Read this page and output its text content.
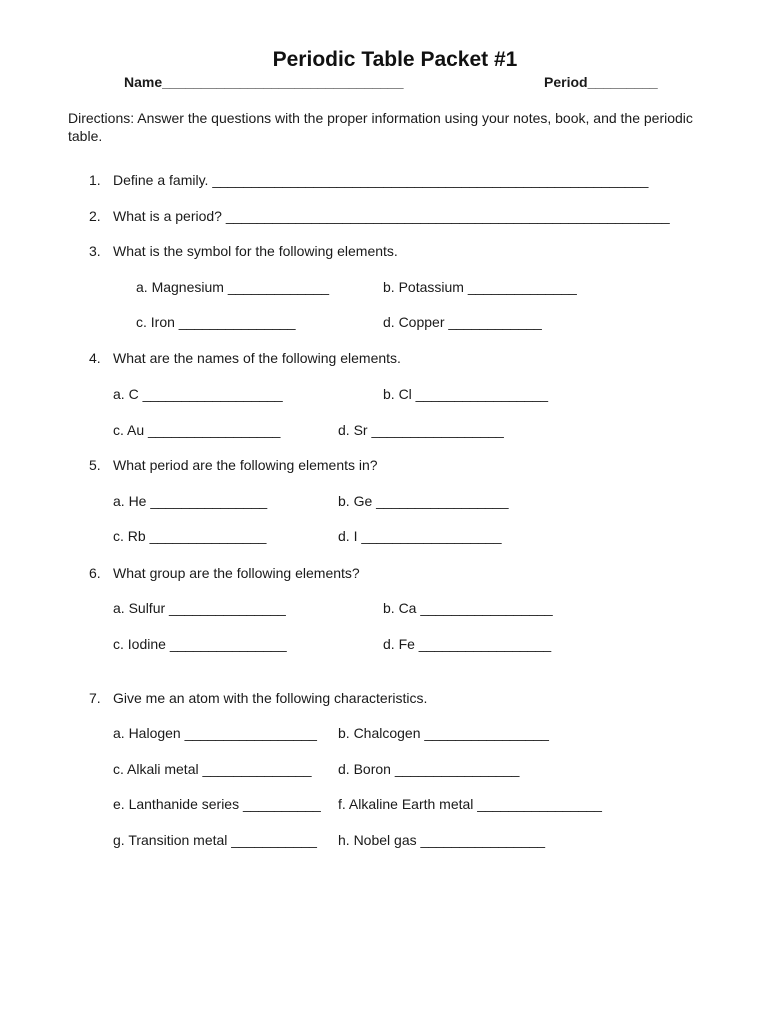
Periodic Table Packet #1
Name_______________________________	Period_________
Directions: Answer the questions with the proper information using your notes, book, and the periodic table.
1. Define a family. ________________________________________________________
2. What is a period? _________________________________________________________
3. What is the symbol for the following elements.
a. Magnesium _____________	b. Potassium ______________
c. Iron _______________	d. Copper ____________
4. What are the names of the following elements.
a. C __________________	b. Cl _________________
c. Au _________________	d. Sr _________________
5. What period are the following elements in?
a. He _______________	b. Ge _________________
c. Rb _______________	d. I __________________
6. What group are the following elements?
a. Sulfur _______________	b. Ca _________________
c. Iodine _______________	d. Fe _________________
7. Give me an atom with the following characteristics.
a. Halogen _________________ b. Chalcogen ________________
c. Alkali metal ______________ d. Boron ________________
e. Lanthanide series __________ f. Alkaline Earth metal ________________
g. Transition metal ___________ h. Nobel gas ________________
